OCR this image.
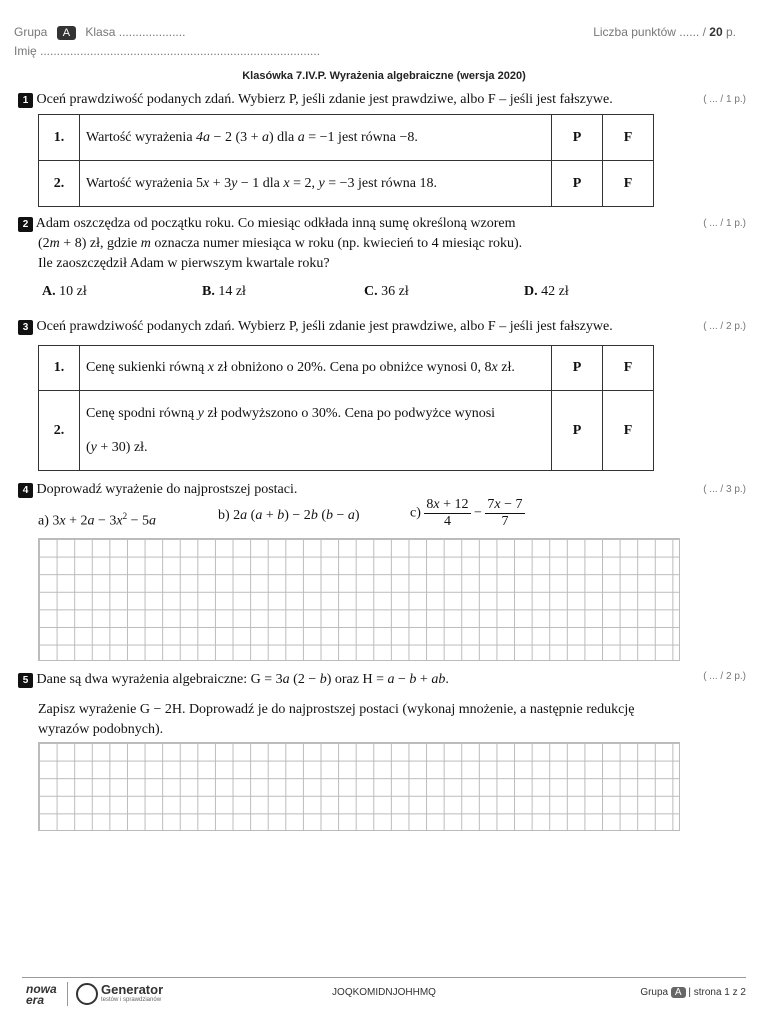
Grupa A Klasa ....................
Imię ....................................................................................
Liczba punktów ...... / 20 p.
Klasówka 7.IV.P. Wyrażenia algebraiczne (wersja 2020)
1 Oceń prawdziwość podanych zdań. Wybierz P, jeśli zdanie jest prawdziwe, albo F – jeśli jest fałszywe.	( ... / 1 p.)
1.	Wartość wyrażenia 4a − 2 (3 + a) dla a = −1 jest równa −8.	P	F
2.	Wartość wyrażenia 5x + 3y − 1 dla x = 2, y = −3 jest równa 18.	P	F
2 Adam oszczędza od początku roku. Co miesiąc odkłada inną sumę określoną wzorem
(2m + 8) zł, gdzie m oznacza numer miesiąca w roku (np. kwiecień to 4 miesiąc roku).
Ile zaoszczędził Adam w pierwszym kwartale roku?
( ... / 1 p.)
A. 10 zł	B. 14 zł	C. 36 zł	D. 42 zł
3 Oceń prawdziwość podanych zdań. Wybierz P, jeśli zdanie jest prawdziwe, albo F – jeśli jest fałszywe.	( ... / 2 p.)
1.	Cenę sukienki równą x zł obniżono o 20%. Cena po obniżce wynosi 0, 8x zł.	P	F
2.	Cenę spodni równą y zł podwyższono o 30%. Cena po podwyżce wynosi
(y + 30) zł.	P	F
4 Doprowadź wyrażenie do najprostszej postaci.	( ... / 3 p.)
a) $3x + 2a - 3x^2 - 5a$	b) 2a (a + b) − 2b (b − a)	$c) \frac{8x + 12}{4} - \frac{7x - 7}{7}$
5 Dane są dwa wyrażenia algebraiczne: G = 3a (2 − b) oraz H = a − b + ab.	( ... / 2 p.)
Zapisz wyrażenie G − 2H. Doprowadź je do najprostszej postaci (wykonaj mnożenie, a następnie redukcję wyrazów podobnych).
nowa
era
Generator
testów i sprawdzianów
JOQKOMIDNJOHHMQ	Grupa A | strona 1 z 2
